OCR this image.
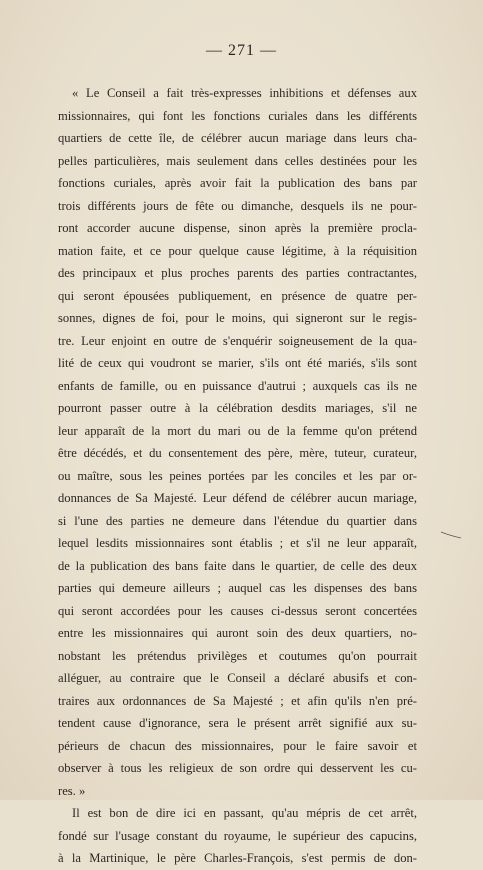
— 271 —
« Le Conseil a fait très-expresses inhibitions et défenses aux
missionnaires, qui font les fonctions curiales dans les différents
quartiers de cette île, de célébrer aucun mariage dans leurs cha-
pelles particulières, mais seulement dans celles destinées pour les
fonctions curiales, après avoir fait la publication des bans par
trois différents jours de fête ou dimanche, desquels ils ne pour-
ront accorder aucune dispense, sinon après la première procla-
mation faite, et ce pour quelque cause légitime, à la réquisition
des principaux et plus proches parents des parties contractantes,
qui seront épousées publiquement, en présence de quatre per-
sonnes, dignes de foi, pour le moins, qui signeront sur le regis-
tre. Leur enjoint en outre de s'enquérir soigneusement de la qua-
lité de ceux qui voudront se marier, s'ils ont été mariés, s'ils sont
enfants de famille, ou en puissance d'autrui ; auxquels cas ils ne
pourront passer outre à la célébration desdits mariages, s'il ne
leur apparaît de la mort du mari ou de la femme qu'on prétend
être décédés, et du consentement des père, mère, tuteur, curateur,
ou maître, sous les peines portées par les conciles et les par or-
donnances de Sa Majesté. Leur défend de célébrer aucun mariage,
si l'une des parties ne demeure dans l'étendue du quartier dans
lequel lesdits missionnaires sont établis ; et s'il ne leur apparaît,
de la publication des bans faite dans le quartier, de celle des deux
parties qui demeure ailleurs ; auquel cas les dispenses des bans
qui seront accordées pour les causes ci-dessus seront concertées
entre les missionnaires qui auront soin des deux quartiers, no-
nobstant les prétendus privilèges et coutumes qu'on pourrait
alléguer, au contraire que le Conseil a déclaré abusifs et con-
traires aux ordonnances de Sa Majesté ; et afin qu'ils n'en pré-
tendent cause d'ignorance, sera le présent arrêt signifié aux su-
périeurs de chacun des missionnaires, pour le faire savoir et
observer à tous les religieux de son ordre qui desservent les cu-
res. »
Il est bon de dire ici en passant, qu'au mépris de cet arrêt,
fondé sur l'usage constant du royaume, le supérieur des capucins,
à la Martinique, le père Charles-François, s'est permis de don-
